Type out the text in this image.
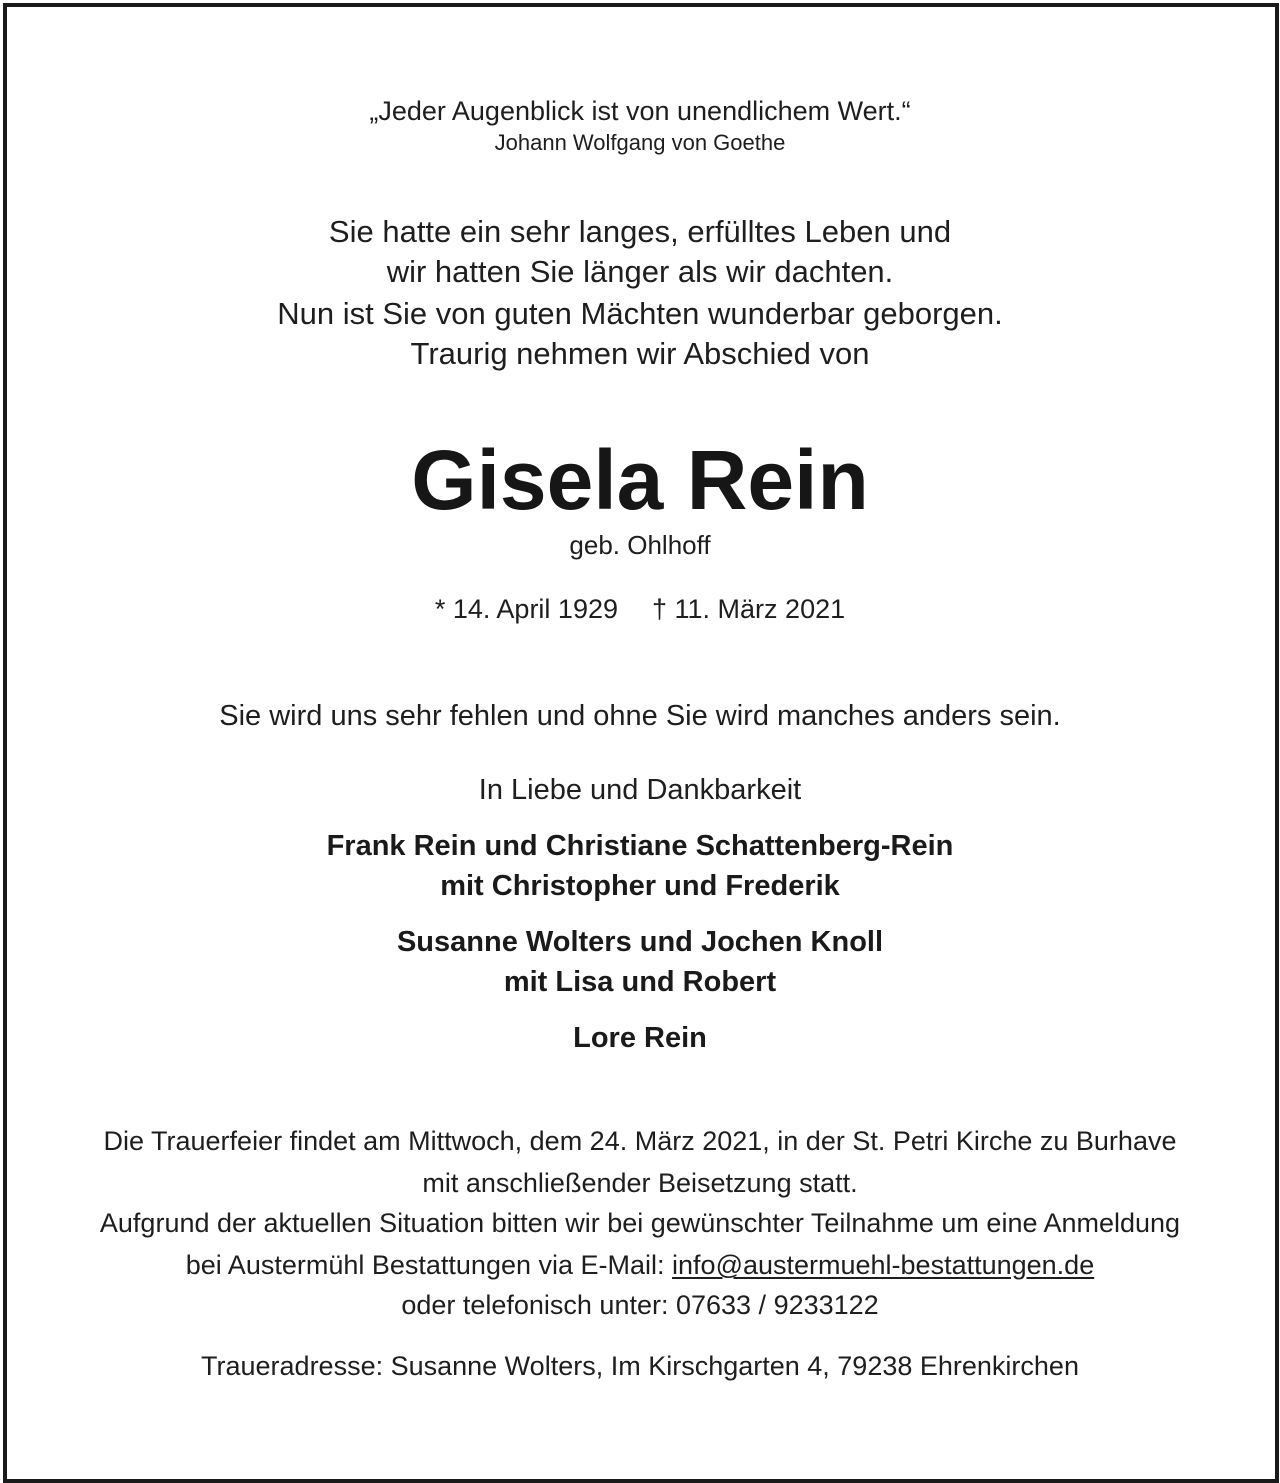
„Jeder Augenblick ist von unendlichem Wert.“

Johann Wolfgang von Goethe

Sie hatte ein sehr langes, erfülltes Leben und

wir hatten Sie länger als wir dachten.

Nun ist Sie von guten Mächten wunderbar geborgen.

Traurig nehmen wir Abschied von

Gisela Rein

geb. Ohlhoff

* 14. April 1929 † 11. März 2021

Sie wird uns sehr fehlen und ohne Sie wird manches anders sein.

In Liebe und Dankbarkeit

Frank Rein und Christiane Schattenberg-Rein

mit Christopher und Frederik

Susanne Wolters und Jochen Knoll

mit Lisa und Robert

Lore Rein

Die Trauerfeier findet am Mittwoch, dem 24. März 2021, in der St. Petri Kirche zu Burhave

mit anschließender Beisetzung statt.

Aufgrund der aktuellen Situation bitten wir bei gewünschter Teilnahme um eine Anmeldung

bei Austermühl Bestattungen via E-Mail: info@austermuehl-bestattungen.de

oder telefonisch unter: 07633 / 9233122

Traueradresse: Susanne Wolters, Im Kirschgarten 4, 79238 Ehrenkirchen
